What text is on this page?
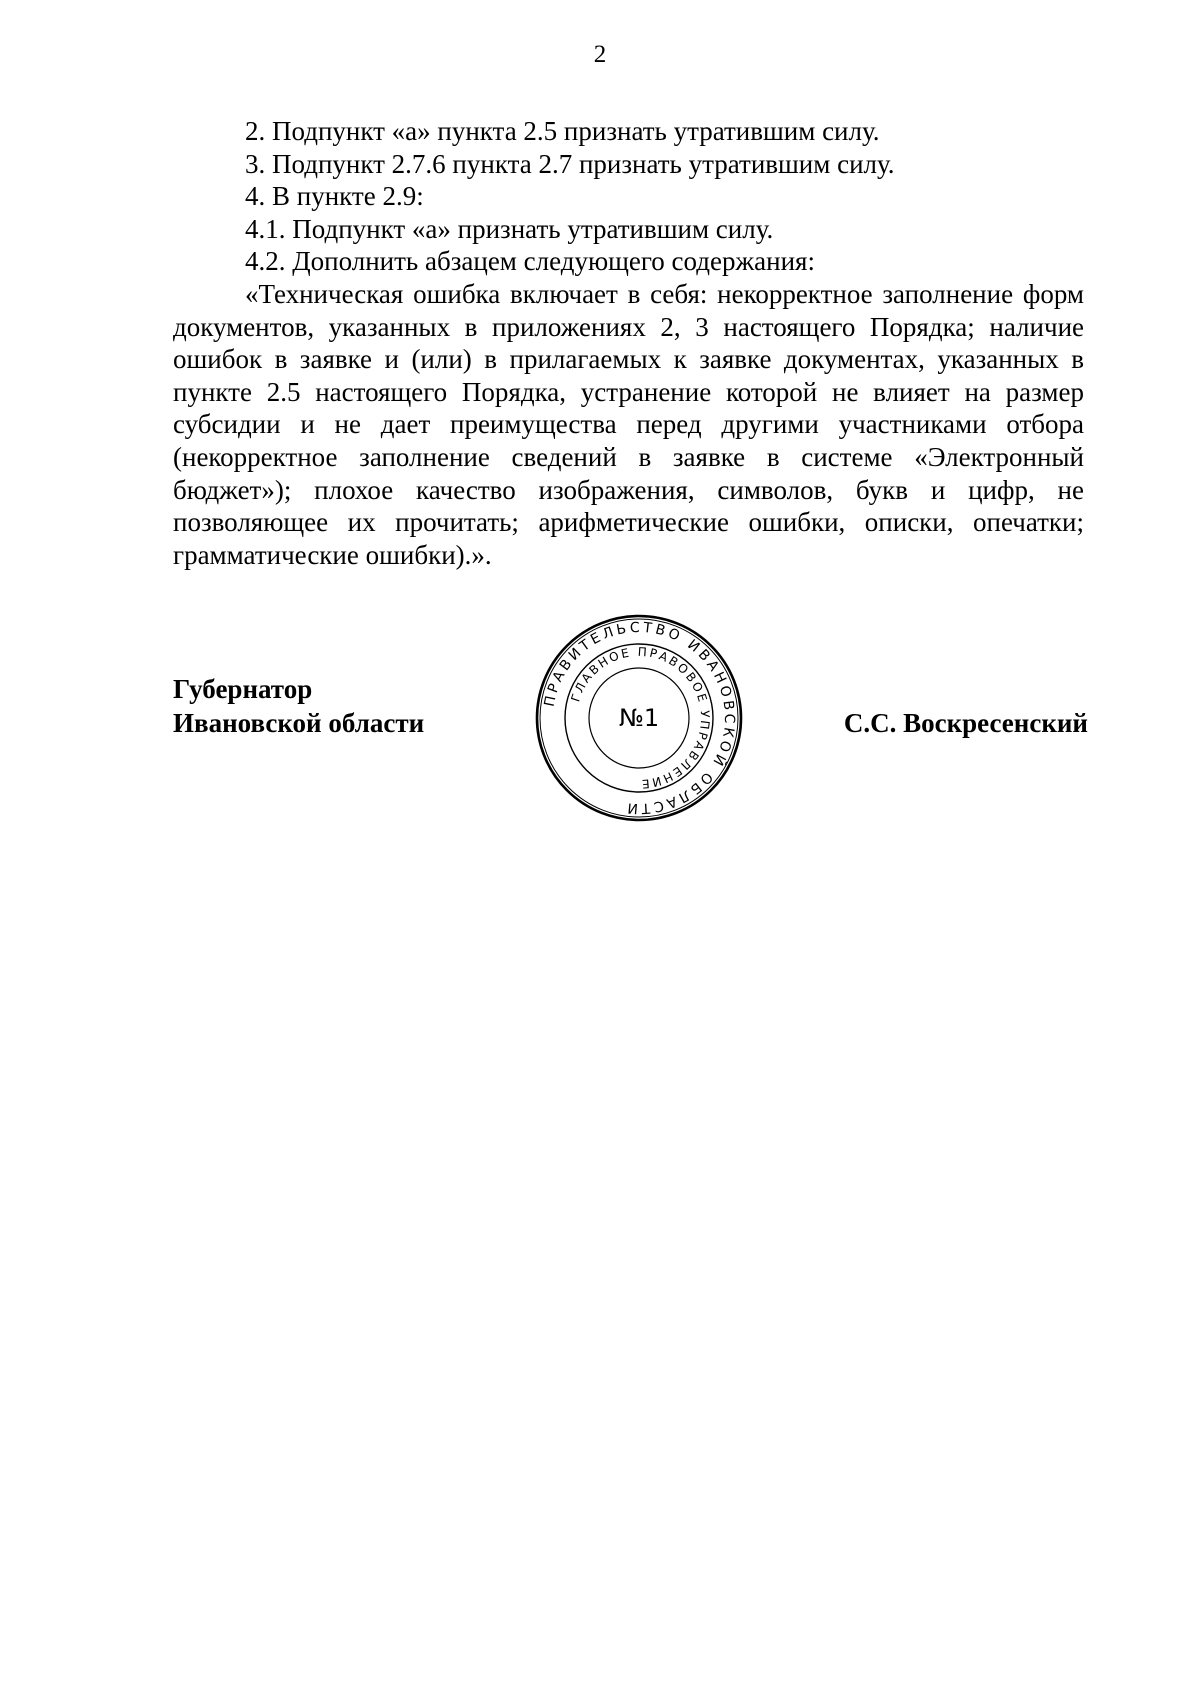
2

2. Подпункт «а» пункта 2.5 признать утратившим силу.

3. Подпункт 2.7.6 пункта 2.7 признать утратившим силу.

4. В пункте 2.9:

4.1. Подпункт «а» признать утратившим силу.

4.2. Дополнить абзацем следующего содержания:

«Техническая ошибка включает в себя: некорректное заполнение форм документов, указанных в приложениях 2, 3 настоящего Порядка; наличие ошибок в заявке и (или) в прилагаемых к заявке документах, указанных в пункте 2.5 настоящего Порядка, устранение которой не влияет на размер субсидии и не дает преимущества перед другими участниками отбора (некорректное заполнение сведений в заявке в системе «Электронный бюджет»); плохое качество изображения, символов, букв и цифр, не позволяющее их прочитать; арифметические ошибки, описки, опечатки; грамматические ошибки).».

Губернатор
Ивановской области
ПРАВИТЕЛЬСТВО ИВАНОВСКОЙ ОБЛАСТИ
ГЛАВНОЕ ПРАВОВОЕ УПРАВЛЕНИЕ
№1	С.С. Воскресенский
